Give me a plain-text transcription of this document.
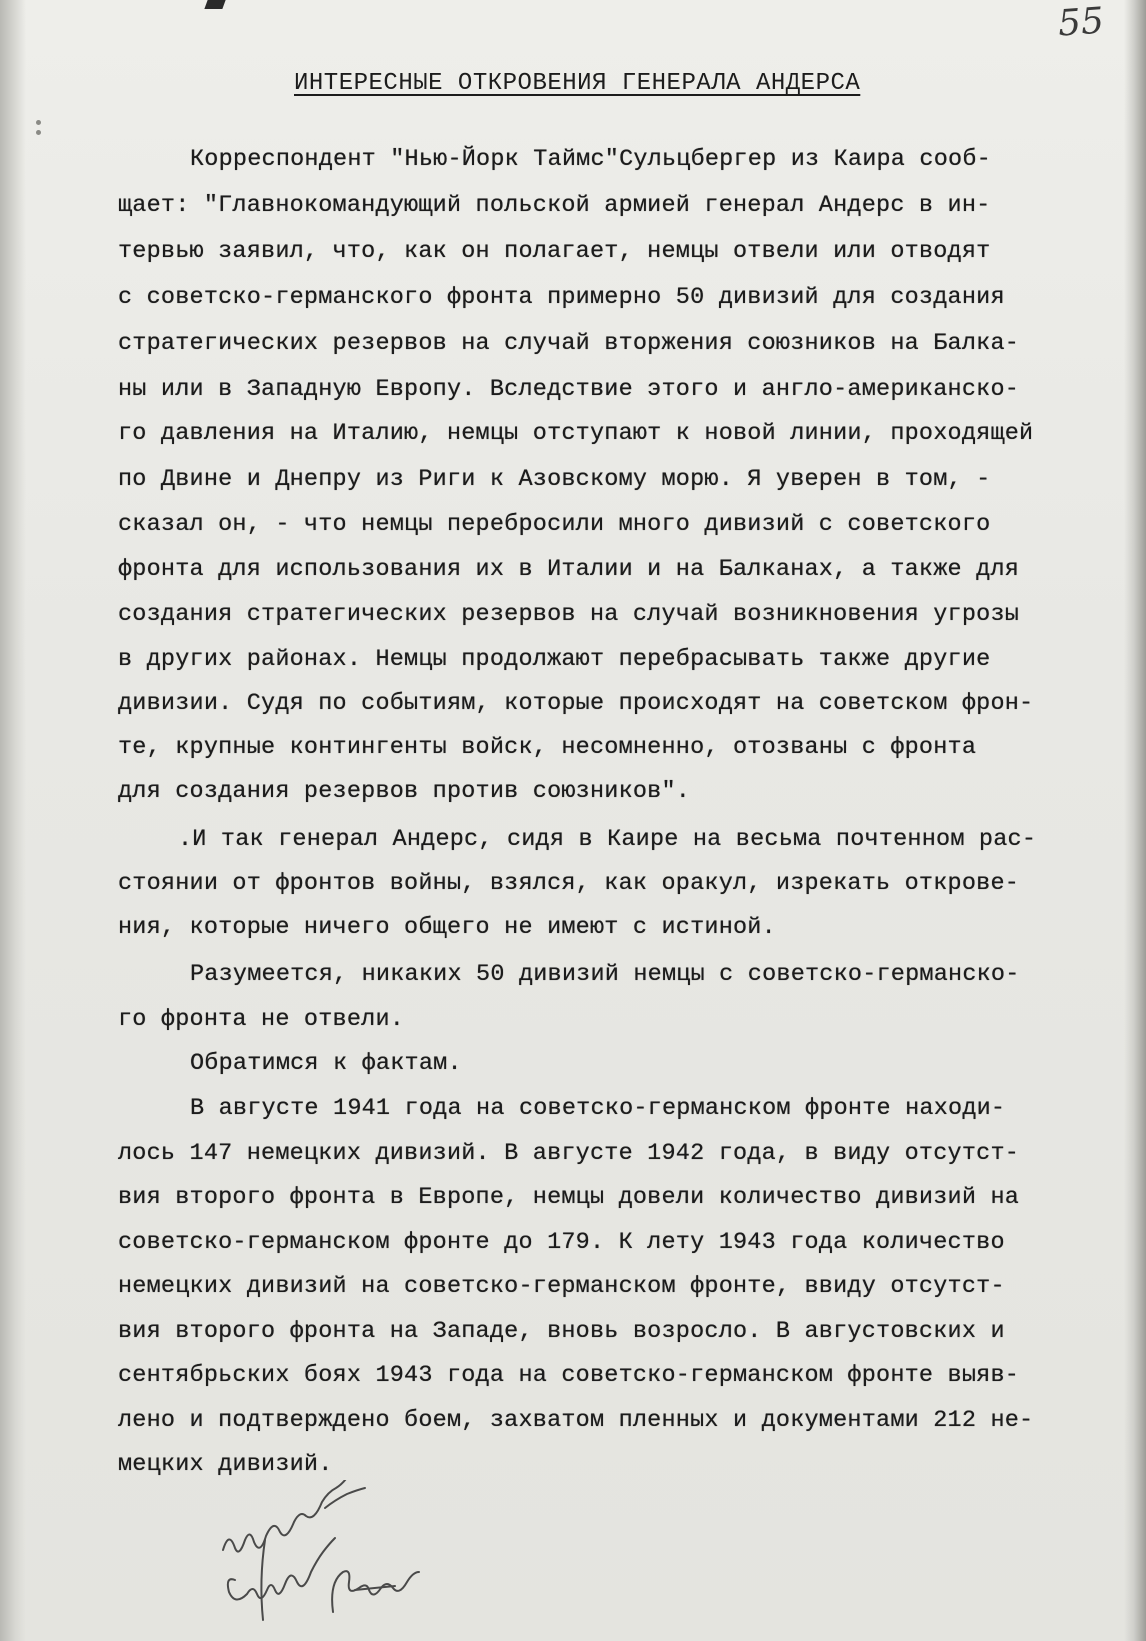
55
ИНТЕРЕСНЫЕ ОТКРОВЕНИЯ ГЕНЕРАЛА АНДЕРСА
Корреспондент "Нью-Йорк Таймс"Сульцбергер из Каира сооб-
щает: "Главнокомандующий польской армией генерал Андерс в ин-
тервью заявил, что, как он полагает, немцы отвели или отводят
с советско-германского фронта примерно 50 дивизий для создания
стратегических резервов на случай вторжения союзников на Балка-
ны или в Западную Европу. Вследствие этого и англо-американско-
го давления на Италию, немцы отступают к новой линии, проходящей
по Двине и Днепру из Риги к Азовскому морю. Я уверен в том, -
сказал он, - что немцы перебросили много дивизий с советского
фронта для использования их в Италии и на Балканах, а также для
создания стратегических резервов на случай возникновения угрозы
в других районах. Немцы продолжают перебрасывать также другие
дивизии. Судя по событиям, которые происходят на советском фрон-
те, крупные контингенты войск, несомненно, отозваны с фронта
для создания резервов против союзников".
.И так генерал Андерс, сидя в Каире на весьма почтенном рас-
стоянии от фронтов войны, взялся, как оракул, изрекать открове-
ния, которые ничего общего не имеют с истиной.
Разумеется, никаких 50 дивизий немцы с советско-германско-
го фронта не отвели.
Обратимся к фактам.
В августе 1941 года на советско-германском фронте находи-
лось 147 немецких дивизий. В августе 1942 года, в виду отсутст-
вия второго фронта в Европе, немцы довели количество дивизий на
советско-германском фронте до 179. К лету 1943 года количество
немецких дивизий на советско-германском фронте, ввиду отсутст-
вия второго фронта на Западе, вновь возросло. В августовских и
сентябрьских боях 1943 года на советско-германском фронте выяв-
лено и подтверждено боем, захватом пленных и документами 212 не-
мецких дивизий.
